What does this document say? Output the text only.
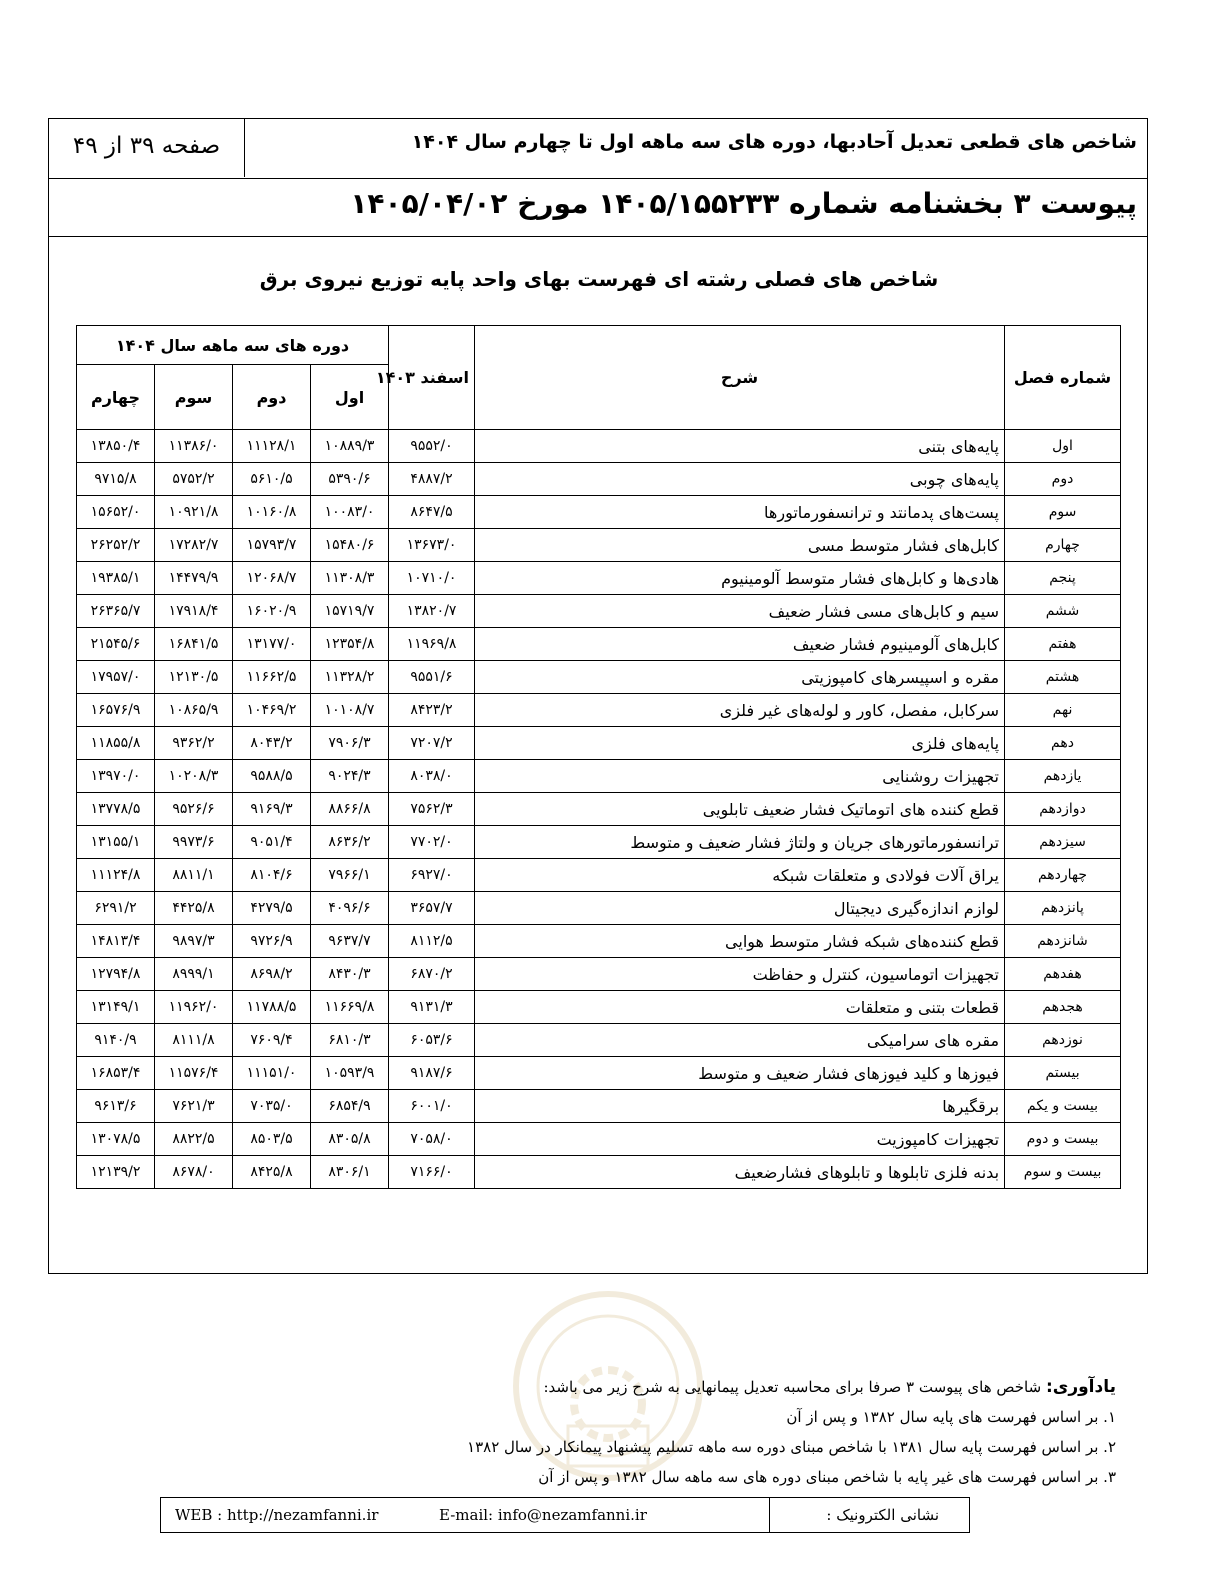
شاخص های قطعی تعدیل آحادبها، دوره های سه ماهه اول تا چهارم سال ۱۴۰۴
صفحه ۳۹ از ۴۹
پیوست ۳ بخشنامه شماره ۱۴۰۵/۱۵۵۲۳۳ مورخ ۱۴۰۵/۰۴/۰۲
شاخص های فصلی رشته ای فهرست بهای واحد پایه توزیع نیروی برق
شماره فصل	شرح	اسفند ۱۴۰۳	دوره های سه ماهه سال ۱۴۰۴			
			اول	دوم	سوم	چهارم
اول	پایه‌های بتنی	۹۵۵۲/۰	۱۰۸۸۹/۳	۱۱۱۲۸/۱	۱۱۳۸۶/۰	۱۳۸۵۰/۴
دوم	پایه‌های چوبی	۴۸۸۷/۲	۵۳۹۰/۶	۵۶۱۰/۵	۵۷۵۲/۲	۹۷۱۵/۸
سوم	پست‌های پدمانتد و ترانسفورماتورها	۸۶۴۷/۵	۱۰۰۸۳/۰	۱۰۱۶۰/۸	۱۰۹۲۱/۸	۱۵۶۵۲/۰
چهارم	کابل‌های فشار متوسط مسی	۱۳۶۷۳/۰	۱۵۴۸۰/۶	۱۵۷۹۳/۷	۱۷۲۸۲/۷	۲۶۲۵۲/۲
پنجم	هادی‌ها و کابل‌های فشار متوسط آلومینیوم	۱۰۷۱۰/۰	۱۱۳۰۸/۳	۱۲۰۶۸/۷	۱۴۴۷۹/۹	۱۹۳۸۵/۱
ششم	سیم و کابل‌های مسی فشار ضعیف	۱۳۸۲۰/۷	۱۵۷۱۹/۷	۱۶۰۲۰/۹	۱۷۹۱۸/۴	۲۶۳۶۵/۷
هفتم	کابل‌های آلومینیوم فشار ضعیف	۱۱۹۶۹/۸	۱۲۳۵۴/۸	۱۳۱۷۷/۰	۱۶۸۴۱/۵	۲۱۵۴۵/۶
هشتم	مقره و اسپیسرهای کامپوزیتی	۹۵۵۱/۶	۱۱۳۲۸/۲	۱۱۶۶۲/۵	۱۲۱۳۰/۵	۱۷۹۵۷/۰
نهم	سرکابل، مفصل، کاور و لوله‌های غیر فلزی	۸۴۲۳/۲	۱۰۱۰۸/۷	۱۰۴۶۹/۲	۱۰۸۶۵/۹	۱۶۵۷۶/۹
دهم	پایه‌های فلزی	۷۲۰۷/۲	۷۹۰۶/۳	۸۰۴۳/۲	۹۳۶۲/۲	۱۱۸۵۵/۸
یازدهم	تجهیزات روشنایی	۸۰۳۸/۰	۹۰۲۴/۳	۹۵۸۸/۵	۱۰۲۰۸/۳	۱۳۹۷۰/۰
دوازدهم	قطع کننده های اتوماتیک فشار ضعیف تابلویی	۷۵۶۲/۳	۸۸۶۶/۸	۹۱۶۹/۳	۹۵۲۶/۶	۱۳۷۷۸/۵
سیزدهم	ترانسفورماتورهای جریان و ولتاژ فشار ضعیف و متوسط	۷۷۰۲/۰	۸۶۳۶/۲	۹۰۵۱/۴	۹۹۷۳/۶	۱۳۱۵۵/۱
چهاردهم	یراق آلات فولادی و متعلقات شبکه	۶۹۲۷/۰	۷۹۶۶/۱	۸۱۰۴/۶	۸۸۱۱/۱	۱۱۱۲۴/۸
پانزدهم	لوازم اندازه‌گیری دیجیتال	۳۶۵۷/۷	۴۰۹۶/۶	۴۲۷۹/۵	۴۴۲۵/۸	۶۲۹۱/۲
شانزدهم	قطع کننده‌های شبکه فشار متوسط هوایی	۸۱۱۲/۵	۹۶۳۷/۷	۹۷۲۶/۹	۹۸۹۷/۳	۱۴۸۱۳/۴
هفدهم	تجهیزات اتوماسیون، کنترل و حفاظت	۶۸۷۰/۲	۸۴۳۰/۳	۸۶۹۸/۲	۸۹۹۹/۱	۱۲۷۹۴/۸
هجدهم	قطعات بتنی و متعلقات	۹۱۳۱/۳	۱۱۶۶۹/۸	۱۱۷۸۸/۵	۱۱۹۶۲/۰	۱۳۱۴۹/۱
نوزدهم	مقره های سرامیکی	۶۰۵۳/۶	۶۸۱۰/۳	۷۶۰۹/۴	۸۱۱۱/۸	۹۱۴۰/۹
بیستم	فیوزها و کلید فیوزهای فشار ضعیف و متوسط	۹۱۸۷/۶	۱۰۵۹۳/۹	۱۱۱۵۱/۰	۱۱۵۷۶/۴	۱۶۸۵۳/۴
بیست و یکم	برقگیرها	۶۰۰۱/۰	۶۸۵۴/۹	۷۰۳۵/۰	۷۶۲۱/۳	۹۶۱۳/۶
بیست و دوم	تجهیزات کامپوزیت	۷۰۵۸/۰	۸۳۰۵/۸	۸۵۰۳/۵	۸۸۲۲/۵	۱۳۰۷۸/۵
بیست و سوم	بدنه فلزی تابلوها و تابلوهای فشارضعیف	۷۱۶۶/۰	۸۳۰۶/۱	۸۴۲۵/۸	۸۶۷۸/۰	۱۲۱۳۹/۲
یادآوری: شاخص های پیوست ۳ صرفا برای محاسبه تعدیل پیمانهایی به شرح زیر می باشد:
۱. بر اساس فهرست های پایه سال ۱۳۸۲ و پس از آن
۲. بر اساس فهرست پایه سال ۱۳۸۱ با شاخص مبنای دوره سه ماهه تسلیم پیشنهاد پیمانکار در سال ۱۳۸۲
۳. بر اساس فهرست های غیر پایه با شاخص مبنای دوره های سه ماهه سال ۱۳۸۲ و پس از آن
نشانی الکترونیک :
E-mail: info@nezamfanni.ir
WEB : http://nezamfanni.ir
